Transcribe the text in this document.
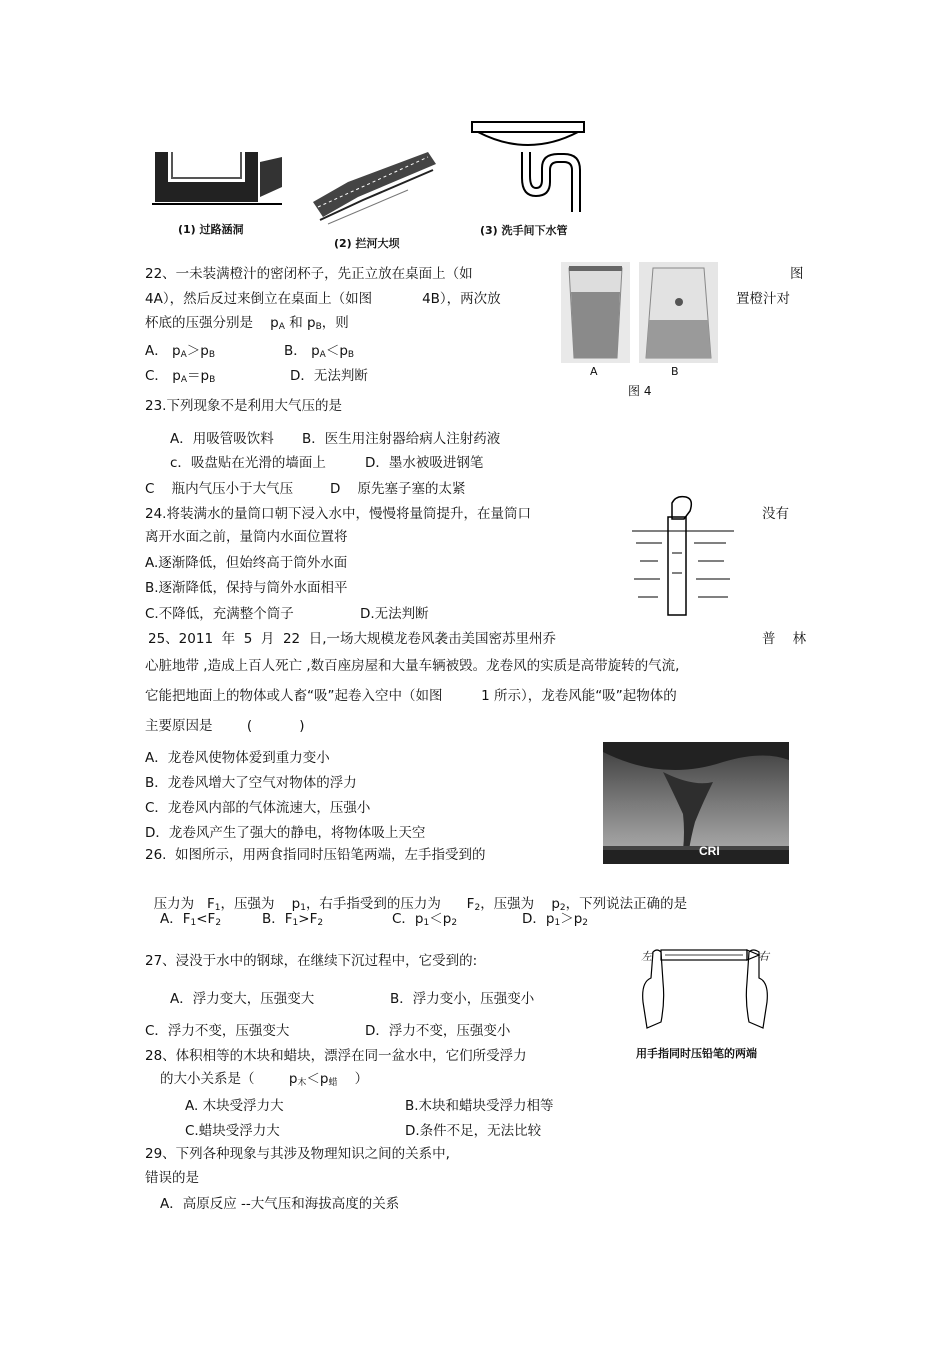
(1) 过路涵洞
(2) 拦河大坝
(3) 洗手间下水管
22、一未装满橙汁的密闭杯子，先正立放在桌面上（如	图
4A），然后反过来倒立在桌面上（如图	4B），两次放	置橙汁对
杯底的压强分别是 $p_A$ 和 $p_B$，则
A． $p_A>p_B$	B． $p_A<p_B$
C． $p_A=p_B$	D．无法判断	A	B
图 4
23.下列现象不是利用大气压的是
A．用吸管吸饮料 B．医生用注射器给病人注射药液
c．吸盘贴在光滑的墙面上	D．墨水被吸进钢笔
C    瓶内气压小于大气压	D    原先塞子塞的太紧
24.将装满水的量筒口朝下浸入水中，慢慢将量筒提升，在量筒口	没有
离开水面之前，量筒内水面位置将
A.逐渐降低，但始终高于筒外水面
B.逐渐降低，保持与筒外水面相平
C.不降低，充满整个筒子	D.无法判断
25、2011  年  5  月  22  日,一场大规模龙卷风袭击美国密苏里州乔	普    林
心脏地带 ,造成上百人死亡 ,数百座房屋和大量车辆被毁。龙卷风的实质是高带旋转的气流,
它能把地面上的物体或人畜“吸”起卷入空中（如图         1 所示），龙卷风能“吸”起物体的
主要原因是        (           )
A．龙卷风使物体爱到重力变小
B．龙卷风增大了空气对物体的浮力
C．龙卷风内部的气体流速大，压强小
D．龙卷风产生了强大的静电，将物体吸上天空
CRI
26.  如图所示，用两食指同时压铅笔两端，左手指受到的

压力为   $F_1$，压强为    $p_1$，右手指受到的压力为      $F_2$，压强为    $p_2$，下列说法正确的是

A．$F_1<F_2$	B．$F_1>F_2$	C．$p_1<p_2$	D．$p_1>p_2$
27、浸没于水中的钢球，在继续下沉过程中，它受到的:
A．浮力变大，压强变大	B．浮力变小，压强变小
C．浮力不变，压强变大	D．浮力不变，压强变小
左	右
用手指同时压铅笔的两端
28、体积相等的木块和蜡块，漂浮在同一盆水中，它们所受浮力
的大小关系是（        $p_木<p_蜡$    ）
A. 木块受浮力大	B.木块和蜡块受浮力相等
C.蜡块受浮力大	D.条件不足，无法比较
29、下列各种现象与其涉及物理知识之间的关系中,
错误的是
A．高原反应 --大气压和海拔高度的关系
